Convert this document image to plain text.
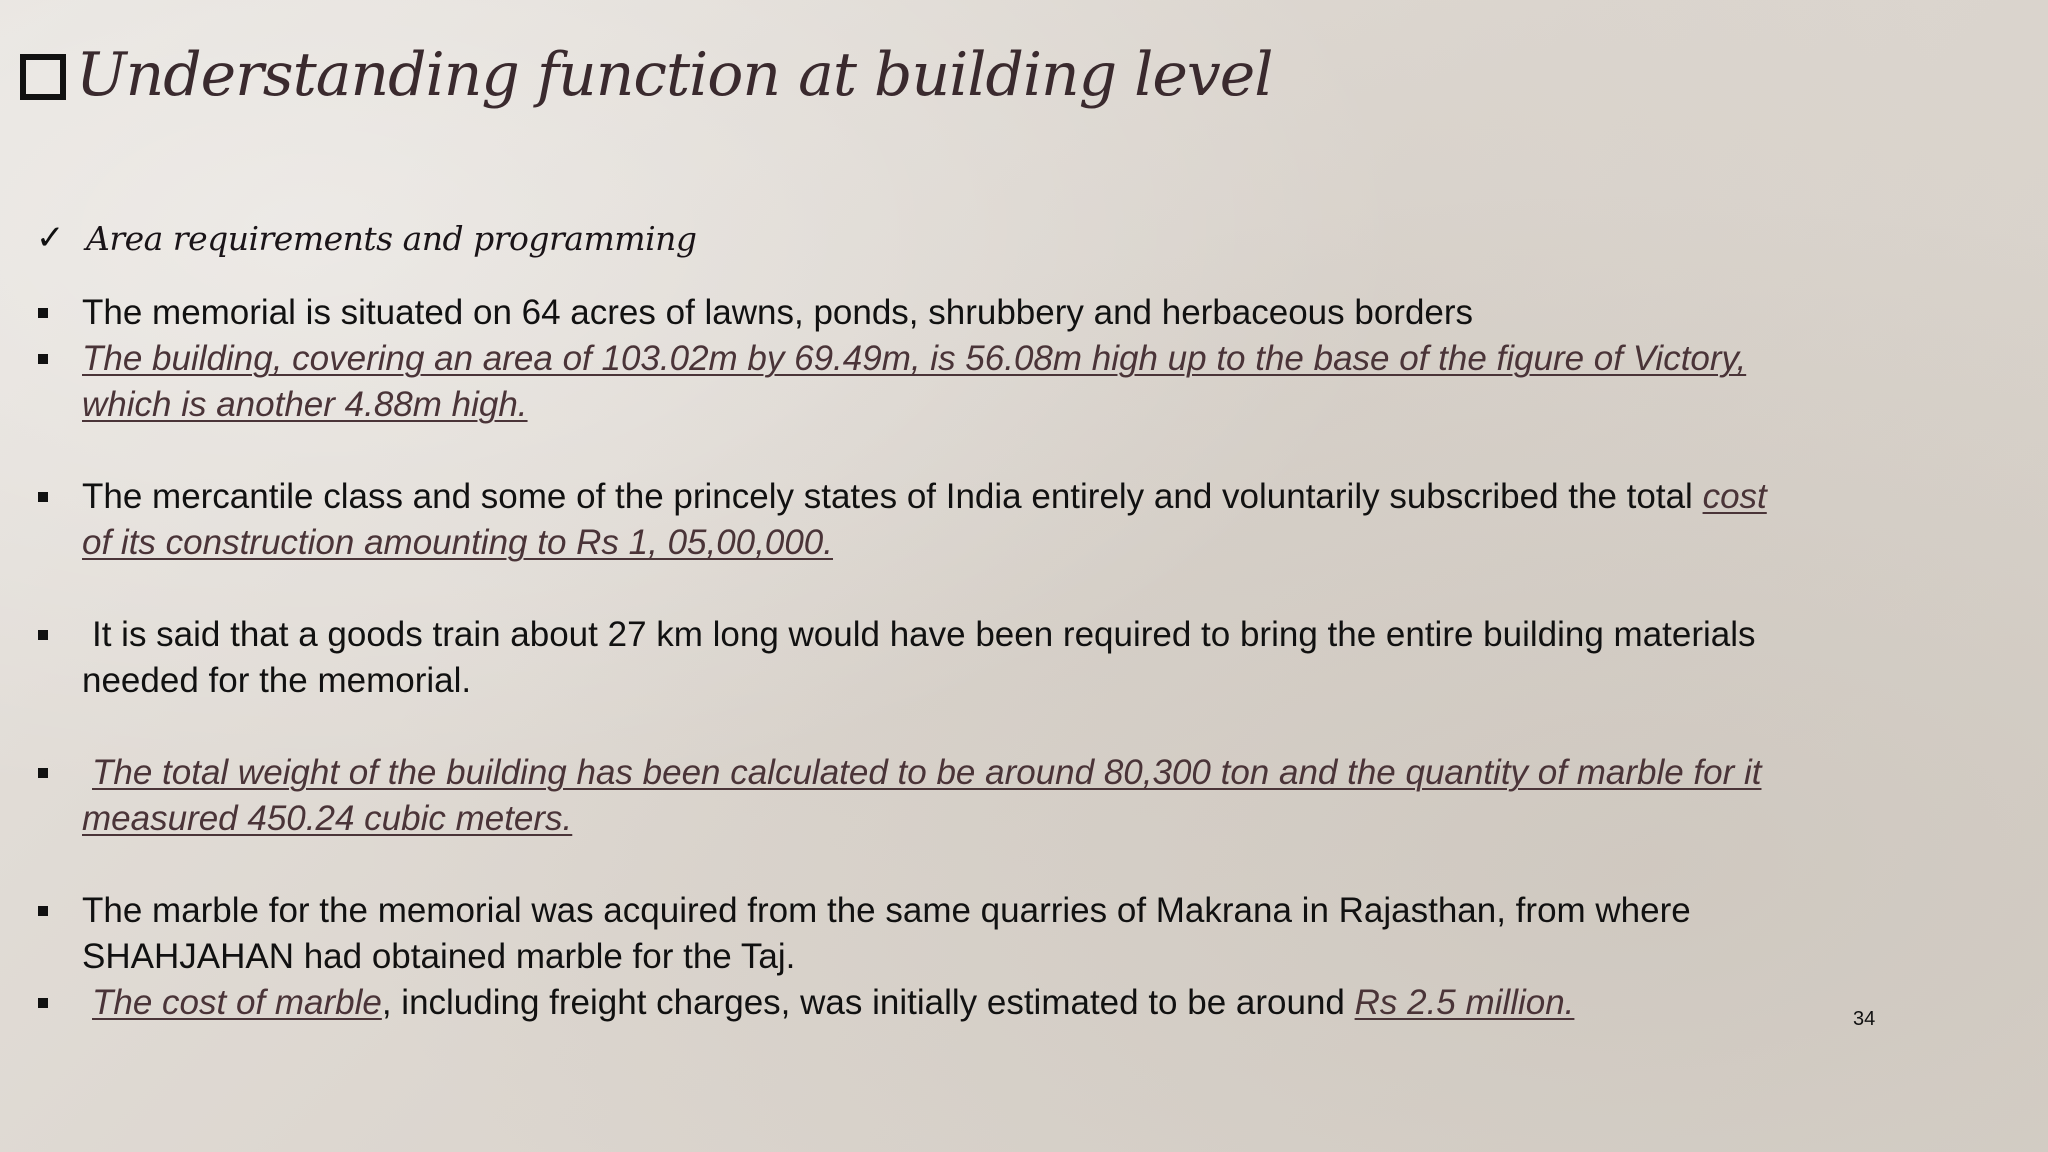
Understanding function at building level
✓ Area requirements and programming
The memorial is situated on 64 acres of lawns, ponds, shrubbery and herbaceous borders
The building, covering an area of 103.02m by 69.49m, is 56.08m high up to the base of the figure of Victory, which is another 4.88m high.
The mercantile class and some of the princely states of India entirely and voluntarily subscribed the total cost of its construction amounting to Rs 1, 05,00,000.
It is said that a goods train about 27 km long would have been required to bring the entire building materials needed for the memorial.
The total weight of the building has been calculated to be around 80,300 ton and the quantity of marble for it measured 450.24 cubic meters.
The marble for the memorial was acquired from the same quarries of Makrana in Rajasthan, from where SHAHJAHAN had obtained marble for the Taj.
The cost of marble, including freight charges, was initially estimated to be around Rs 2.5 million.	34
